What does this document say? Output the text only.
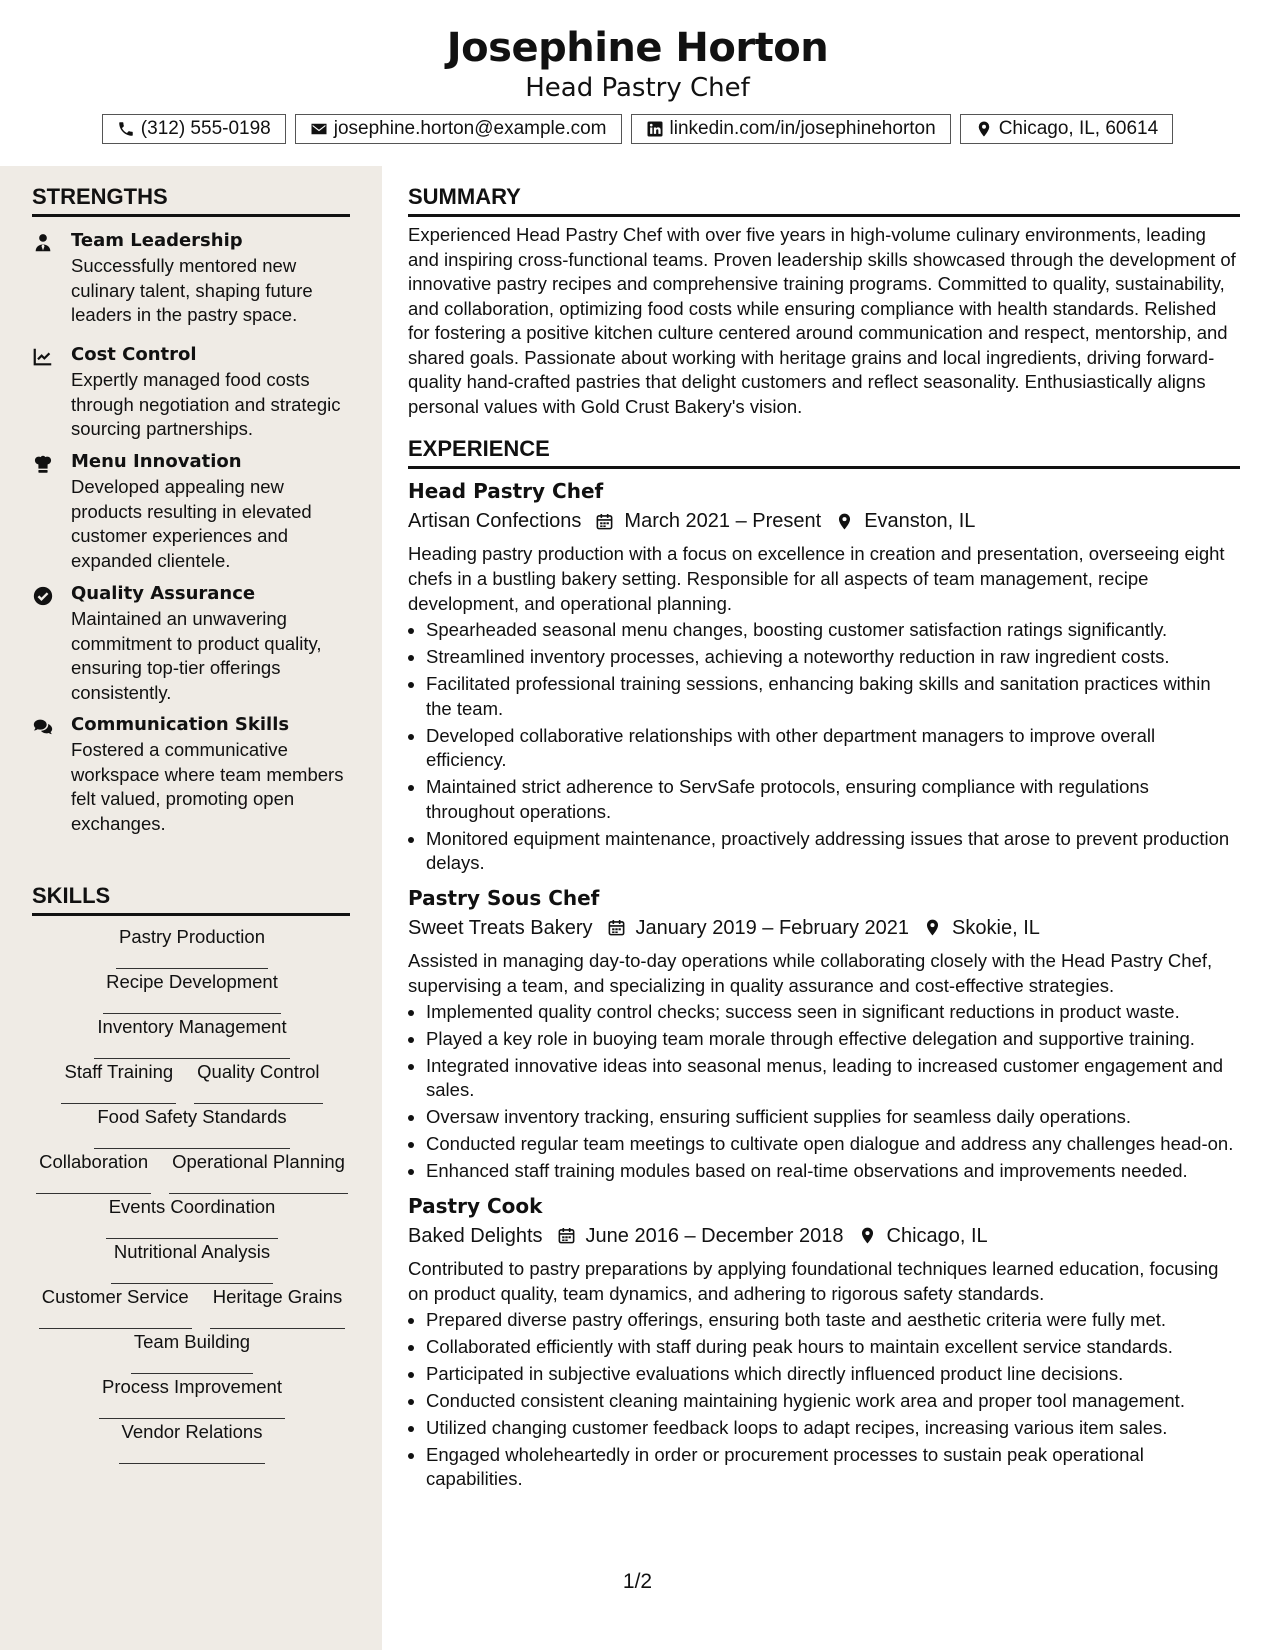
Josephine Horton
Head Pastry Chef
(312) 555-0198	josephine.horton@example.com	linkedin.com/in/josephinehorton	Chicago, IL, 60614
STRENGTHS
Team Leadership
Successfully mentored new culinary talent, shaping future leaders in the pastry space.
Cost Control
Expertly managed food costs through negotiation and strategic sourcing partnerships.
Menu Innovation
Developed appealing new products resulting in elevated customer experiences and expanded clientele.
Quality Assurance
Maintained an unwavering commitment to product quality, ensuring top-tier offerings consistently.
Communication Skills
Fostered a communicative workspace where team members felt valued, promoting open exchanges.
SKILLS
Pastry Production
Recipe Development
Inventory Management
Staff Training Quality Control
Food Safety Standards
Collaboration Operational Planning
Events Coordination
Nutritional Analysis
Customer Service Heritage Grains
Team Building
Process Improvement
Vendor Relations
SUMMARY

Experienced Head Pastry Chef with over five years in high-volume culinary environments, leading and inspiring cross-functional teams. Proven leadership skills showcased through the development of innovative pastry recipes and comprehensive training programs. Committed to quality, sustainability, and collaboration, optimizing food costs while ensuring compliance with health standards. Relished for fostering a positive kitchen culture centered around communication and respect, mentorship, and shared goals. Passionate about working with heritage grains and local ingredients, driving forward-quality hand-crafted pastries that delight customers and reflect seasonality. Enthusiastically aligns personal values with Gold Crust Bakery's vision.

EXPERIENCE
Head Pastry Chef
Artisan Confections March 2021 – Present Evanston, IL
Heading pastry production with a focus on excellence in creation and presentation, overseeing eight chefs in a bustling bakery setting. Responsible for all aspects of team management, recipe development, and operational planning.
• Spearheaded seasonal menu changes, boosting customer satisfaction ratings significantly.
• Streamlined inventory processes, achieving a noteworthy reduction in raw ingredient costs.
• Facilitated professional training sessions, enhancing baking skills and sanitation practices within the team.
• Developed collaborative relationships with other department managers to improve overall efficiency.
• Maintained strict adherence to ServSafe protocols, ensuring compliance with regulations throughout operations.
• Monitored equipment maintenance, proactively addressing issues that arose to prevent production delays.
Pastry Sous Chef
Sweet Treats Bakery January 2019 – February 2021 Skokie, IL
Assisted in managing day-to-day operations while collaborating closely with the Head Pastry Chef, supervising a team, and specializing in quality assurance and cost-effective strategies.
• Implemented quality control checks; success seen in significant reductions in product waste.
• Played a key role in buoying team morale through effective delegation and supportive training.
• Integrated innovative ideas into seasonal menus, leading to increased customer engagement and sales.
• Oversaw inventory tracking, ensuring sufficient supplies for seamless daily operations.
• Conducted regular team meetings to cultivate open dialogue and address any challenges head-on.
• Enhanced staff training modules based on real-time observations and improvements needed.
Pastry Cook
Baked Delights June 2016 – December 2018 Chicago, IL
Contributed to pastry preparations by applying foundational techniques learned education, focusing on product quality, team dynamics, and adhering to rigorous safety standards.
• Prepared diverse pastry offerings, ensuring both taste and aesthetic criteria were fully met.
• Collaborated efficiently with staff during peak hours to maintain excellent service standards.
• Participated in subjective evaluations which directly influenced product line decisions.
• Conducted consistent cleaning maintaining hygienic work area and proper tool management.
• Utilized changing customer feedback loops to adapt recipes, increasing various item sales.
• Engaged wholeheartedly in order or procurement processes to sustain peak operational capabilities.
1/2
